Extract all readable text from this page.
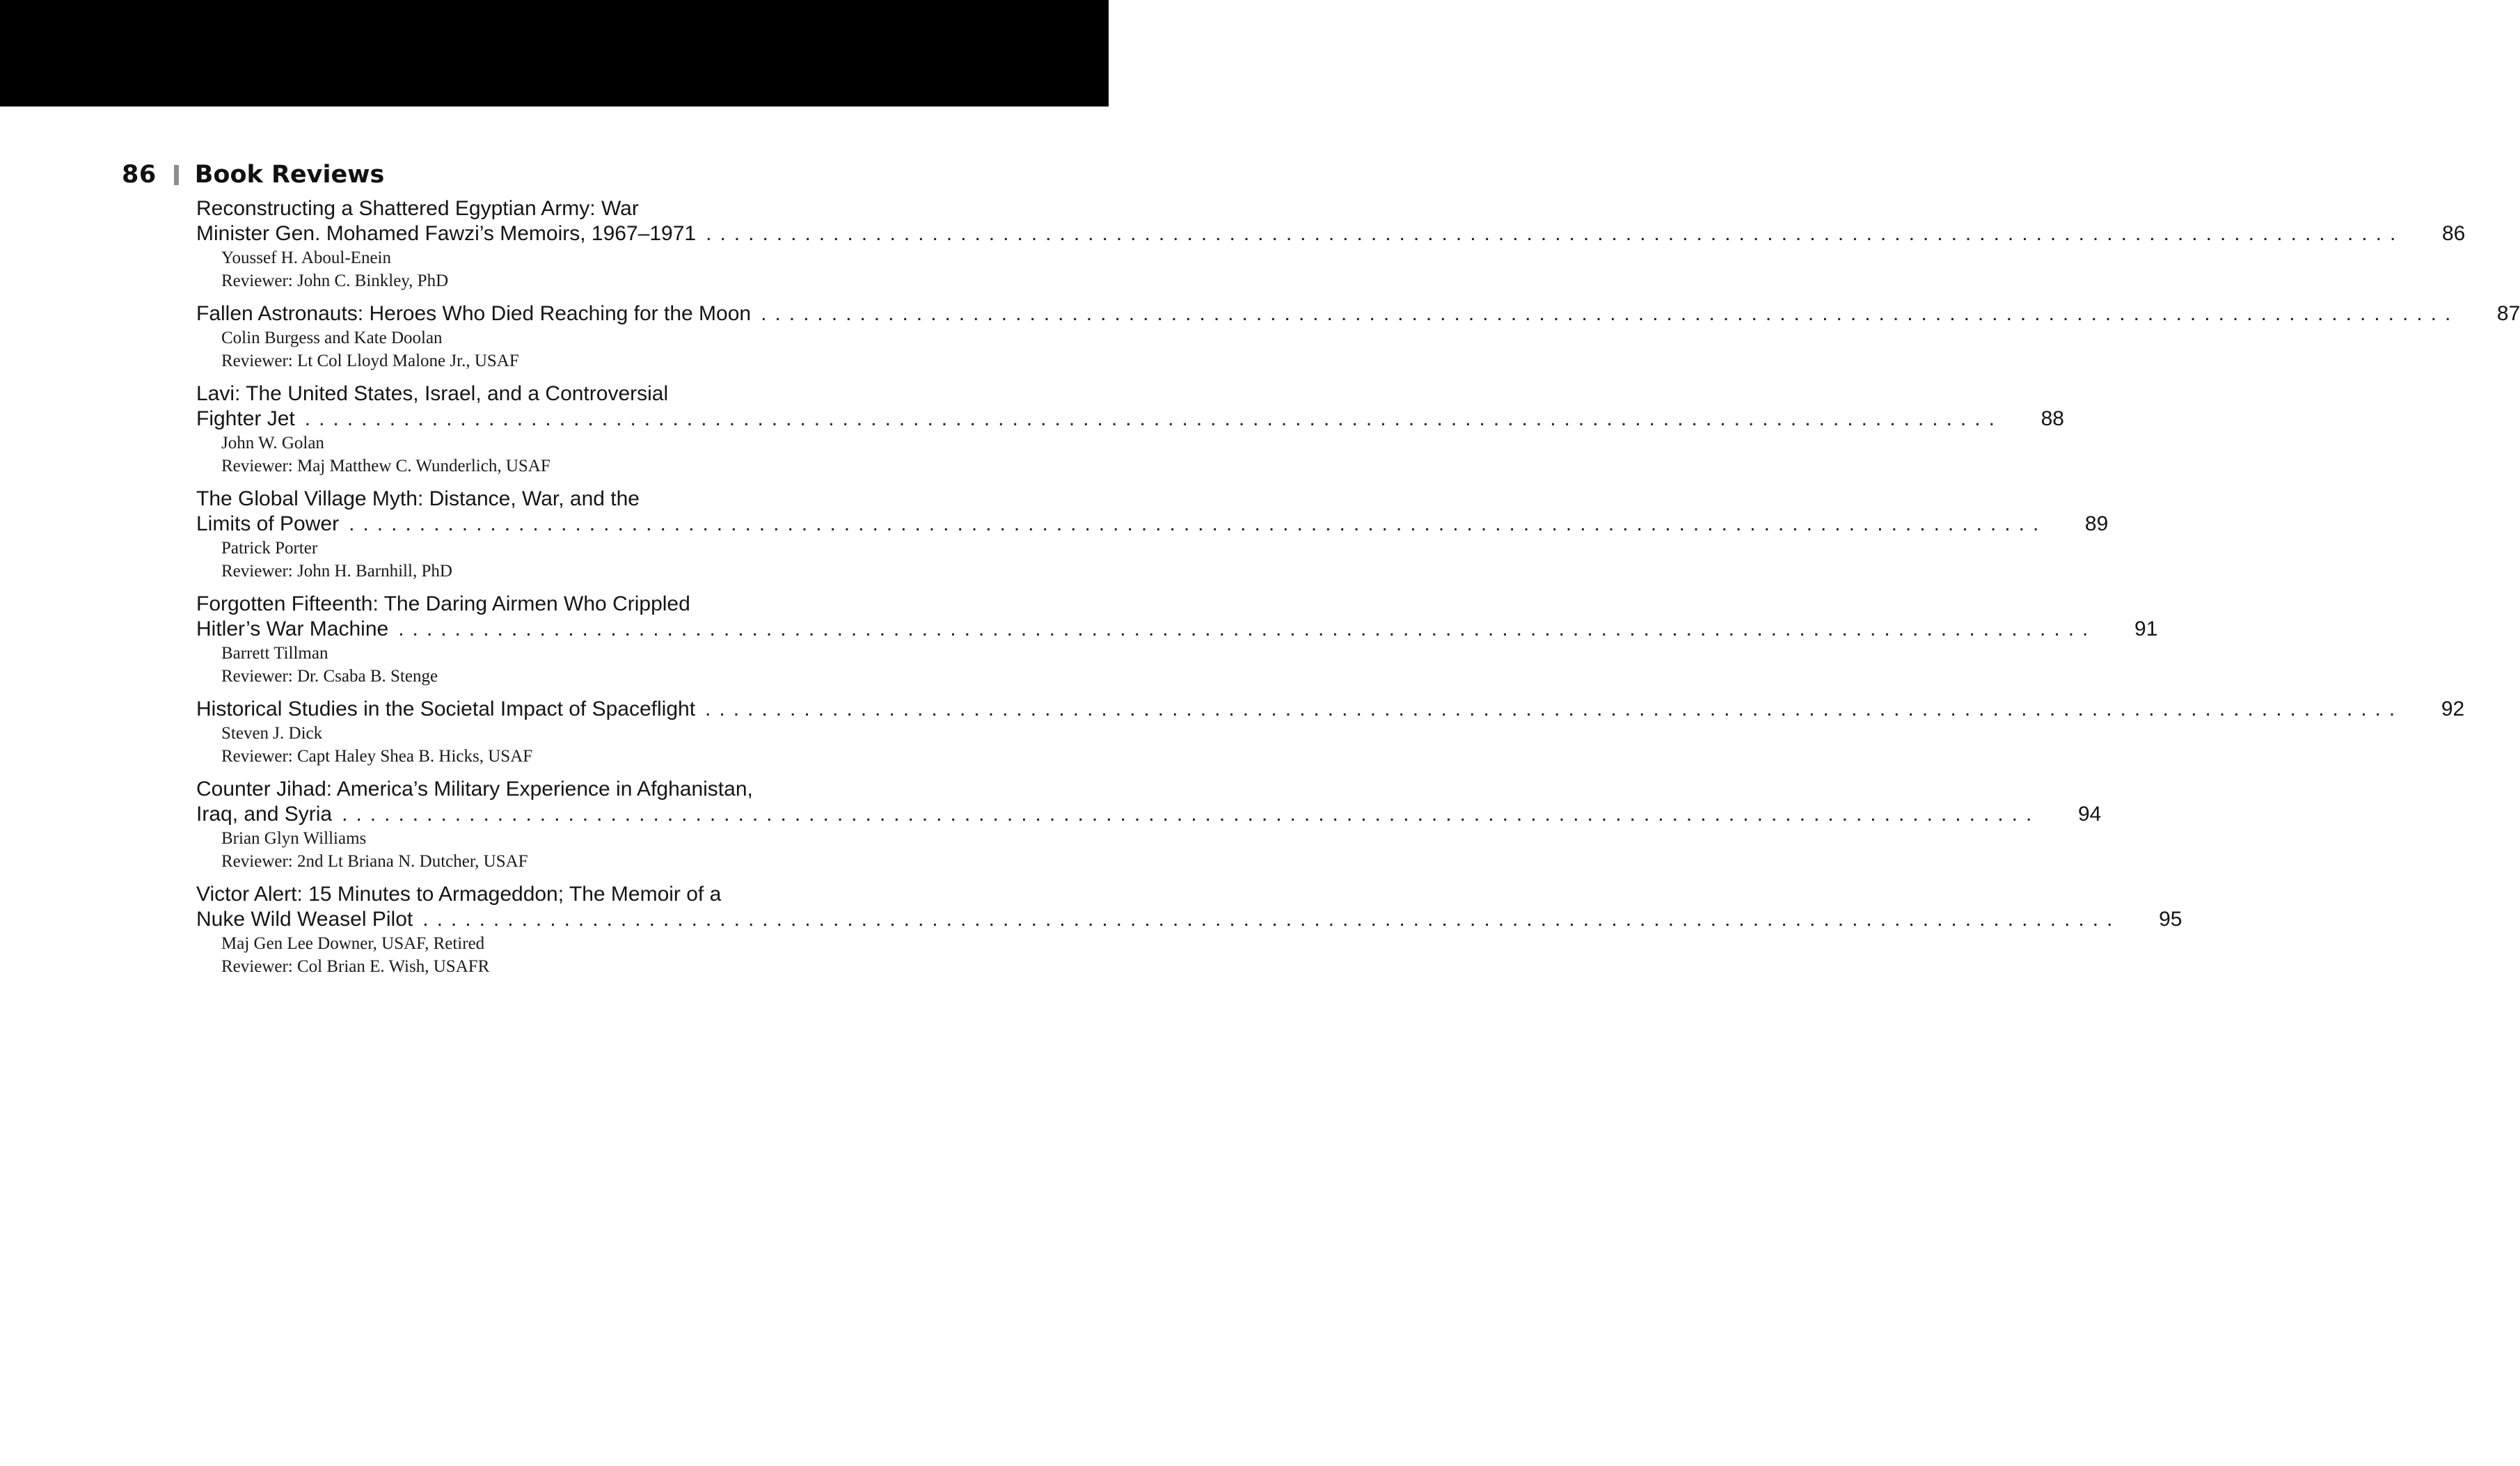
86 Book Reviews
Reconstructing a Shattered Egyptian Army: War
Minister Gen. Mohamed Fawzi’s Memoirs, 1967–1971 ........................................................................................................................	86
Youssef H. Aboul-Enein
Reviewer: John C. Binkley, PhD
Fallen Astronauts: Heroes Who Died Reaching for the Moon ........................................................................................................................	87
Colin Burgess and Kate Doolan
Reviewer: Lt Col Lloyd Malone Jr., USAF
Lavi: The United States, Israel, and a Controversial
Fighter Jet ........................................................................................................................	88
John W. Golan
Reviewer: Maj Matthew C. Wunderlich, USAF
The Global Village Myth: Distance, War, and the
Limits of Power ........................................................................................................................	89
Patrick Porter
Reviewer: John H. Barnhill, PhD
Forgotten Fifteenth: The Daring Airmen Who Crippled
Hitler’s War Machine ........................................................................................................................	91
Barrett Tillman
Reviewer: Dr. Csaba B. Stenge
Historical Studies in the Societal Impact of Spaceflight ........................................................................................................................	92
Steven J. Dick
Reviewer: Capt Haley Shea B. Hicks, USAF
Counter Jihad: America’s Military Experience in Afghanistan,
Iraq, and Syria ........................................................................................................................	94
Brian Glyn Williams
Reviewer: 2nd Lt Briana N. Dutcher, USAF
Victor Alert: 15 Minutes to Armageddon; The Memoir of a
Nuke Wild Weasel Pilot ........................................................................................................................	95
Maj Gen Lee Downer, USAF, Retired
Reviewer: Col Brian E. Wish, USAFR
